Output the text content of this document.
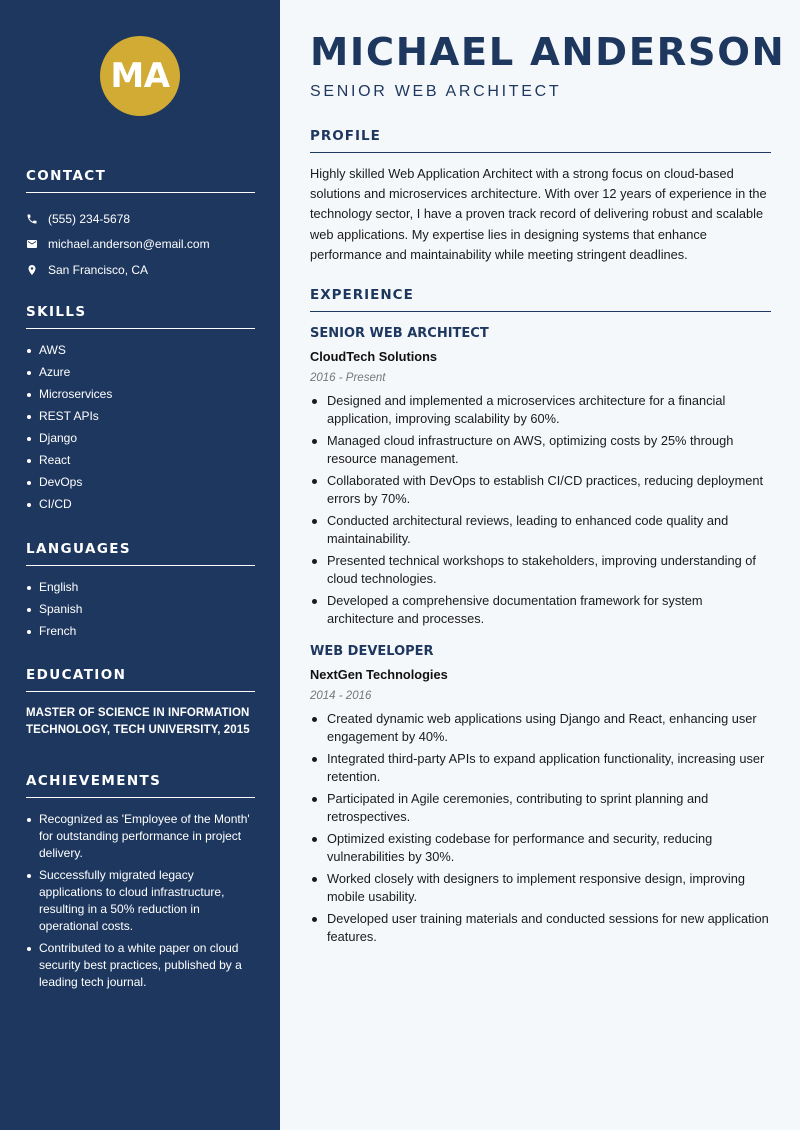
MA
CONTACT
(555) 234-5678
michael.anderson@email.com
San Francisco, CA
SKILLS
AWS
Azure
Microservices
REST APIs
Django
React
DevOps
CI/CD
LANGUAGES
English
Spanish
French
EDUCATION

MASTER OF SCIENCE IN INFORMATION TECHNOLOGY, TECH UNIVERSITY, 2015

ACHIEVEMENTS
Recognized as 'Employee of the Month' for outstanding performance in project delivery.
Successfully migrated legacy applications to cloud infrastructure, resulting in a 50% reduction in operational costs.
Contributed to a white paper on cloud security best practices, published by a leading tech journal.
MICHAEL ANDERSON
SENIOR WEB ARCHITECT
PROFILE

Highly skilled Web Application Architect with a strong focus on cloud-based solutions and microservices architecture. With over 12 years of experience in the technology sector, I have a proven track record of delivering robust and scalable web applications. My expertise lies in designing systems that enhance performance and maintainability while meeting stringent deadlines.

EXPERIENCE
SENIOR WEB ARCHITECT
CloudTech Solutions
2016 - Present
Designed and implemented a microservices architecture for a financial application, improving scalability by 60%.
Managed cloud infrastructure on AWS, optimizing costs by 25% through resource management.
Collaborated with DevOps to establish CI/CD practices, reducing deployment errors by 70%.
Conducted architectural reviews, leading to enhanced code quality and maintainability.
Presented technical workshops to stakeholders, improving understanding of cloud technologies.
Developed a comprehensive documentation framework for system architecture and processes.
WEB DEVELOPER
NextGen Technologies
2014 - 2016
Created dynamic web applications using Django and React, enhancing user engagement by 40%.
Integrated third-party APIs to expand application functionality, increasing user retention.
Participated in Agile ceremonies, contributing to sprint planning and retrospectives.
Optimized existing codebase for performance and security, reducing vulnerabilities by 30%.
Worked closely with designers to implement responsive design, improving mobile usability.
Developed user training materials and conducted sessions for new application features.
